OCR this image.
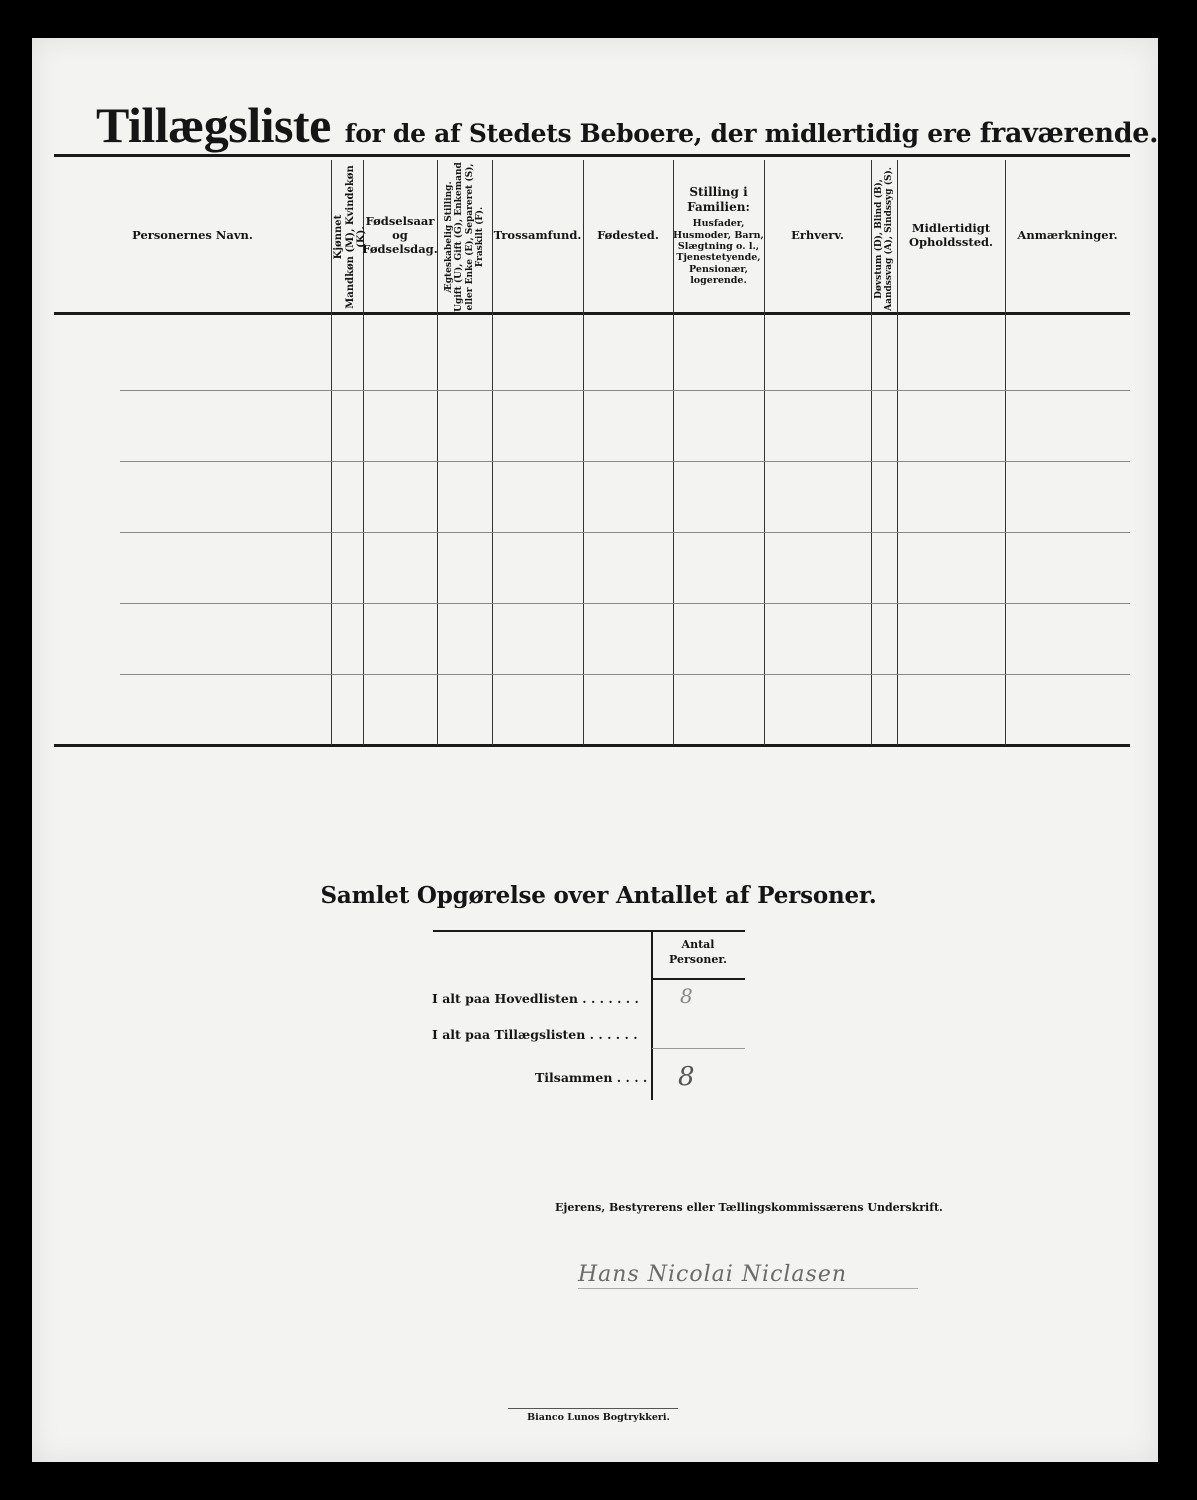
Tillægsliste for de af Stedets Beboere, der midlertidig ere fraværende.
Personernes Navn.	Kjønnet
Mandkøn (M), Kvindekøn (K).
Fødselsaar
og
Fødselsdag. Ægteskabelig Stilling.
Ugift (U), Gift (G), Enkemand
eller Enke (E), Separeret (S),
Fraskilt (F).
Trossamfund. Fødested.
Stilling i
Familien:
Husfader, Husmoder, Barn,
Slægtning o. l.,
Tjenestetyende,
Pensionær,
logerende.
Erhverv.	Døvstum (D), Blind (B), Aandssvag (A), Sindssyg (S). Midlertidigt
Opholdssted. Anmærkninger.
Samlet Opgørelse over Antallet af Personer.
Antal
Personer.
I alt paa Hovedlisten . . . . . . .
I alt paa Tillægslisten . . . . . .
Tilsammen . . . .
8
8
Ejerens, Bestyrerens eller Tællingskommissærens Underskrift.
Hans Nicolai Niclasen
Bianco Lunos Bogtrykkeri.
